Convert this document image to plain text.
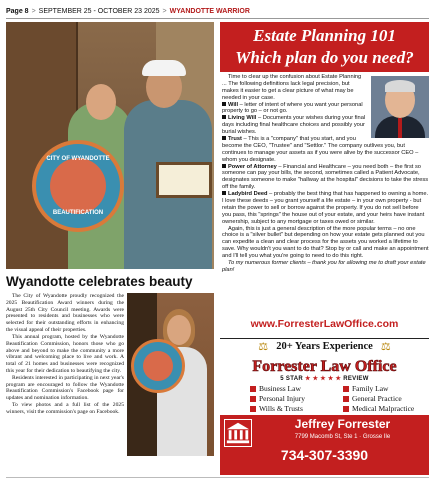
Page 8 > SEPTEMBER 25 - OCTOBER 23 2025 > WYANDOTTE WARRIOR
CITY OF WYANDOTTE
BEAUTIFICATION
Wyandotte celebrates beauty

The City of Wyandotte proudly recognized the 2025 Beautification Award winners during the August 25th City Council meeting. Awards were presented to residents and businesses who were selected for their outstanding efforts in enhancing the visual appeal of their properties.

This annual program, hosted by the Wyandotte Beautification Commission, honors those who go above and beyond to make the community a more vibrant and welcoming place to live and work. A total of 21 homes and businesses were recognized this year for their dedication to beautifying the city.

Residents interested in participating in next year's program are encouraged to follow the Wyandotte Beautification Commission's Facebook page for updates and nomination information.

To view photos and a full list of the 2025 winners, visit the commission's page on Facebook.

Estate Planning 101
Which plan do you need?

Time to clear up the confusion about Estate Planning ... The following definitions lack legal precision, but makes it easier to get a clear picture of what may be needed in your case.

Will – letter of intent of where you want your personal property to go – or not go.

Living Will – Documents your wishes during your final days including final healthcare choices and possibly your burial wishes.

Trust – This is a "company" that you start, and you become the CEO, "Trustee" and "Settlor." The company outlives you, but continues to manage your assets as if you were alive by the successor CEO – whom you designate.

Power of Attorney – Financial and Healthcare – you need both – the first so someone can pay your bills, the second, sometimes called a Patient Advocate, designates someone to make "hallway at the hospital" decisions to take the stress off the family.

Ladybird Deed – probably the best thing that has happened to owning a home. I love these deeds – you grant yourself a life estate – in your own property - but retain the power to sell or borrow against the property. If you do not sell before you pass, this "springs" the house out of your estate, and your heirs have instant ownership, subject to any mortgage or taxes owed or similar.

Again, this is just a general description of the more popular terms – no one choice is a "silver bullet" but depending on how your estate gets planned out you can expedite a clean and clear process for the assets you worked a lifetime to save. Why wouldn't you want to do that? Stop by or call and make an appointment and I'll tell you what you're going to need to do this right.

To my numerous former clients – thank you for allowing me to draft your estate plan!

www.ForresterLawOffice.com
⚖ 20+ Years Experience ⚖
Forrester Law Office
5 STAR ★ ★ ★ ★ ★ REVIEW
Business Law	Family Law
Personal Injury	General Practice
Wills & Trusts	Medical Malpractice
Jeffrey Forrester
7799 Macomb St, Ste 1 · Grosse Ile
734-307-3390
